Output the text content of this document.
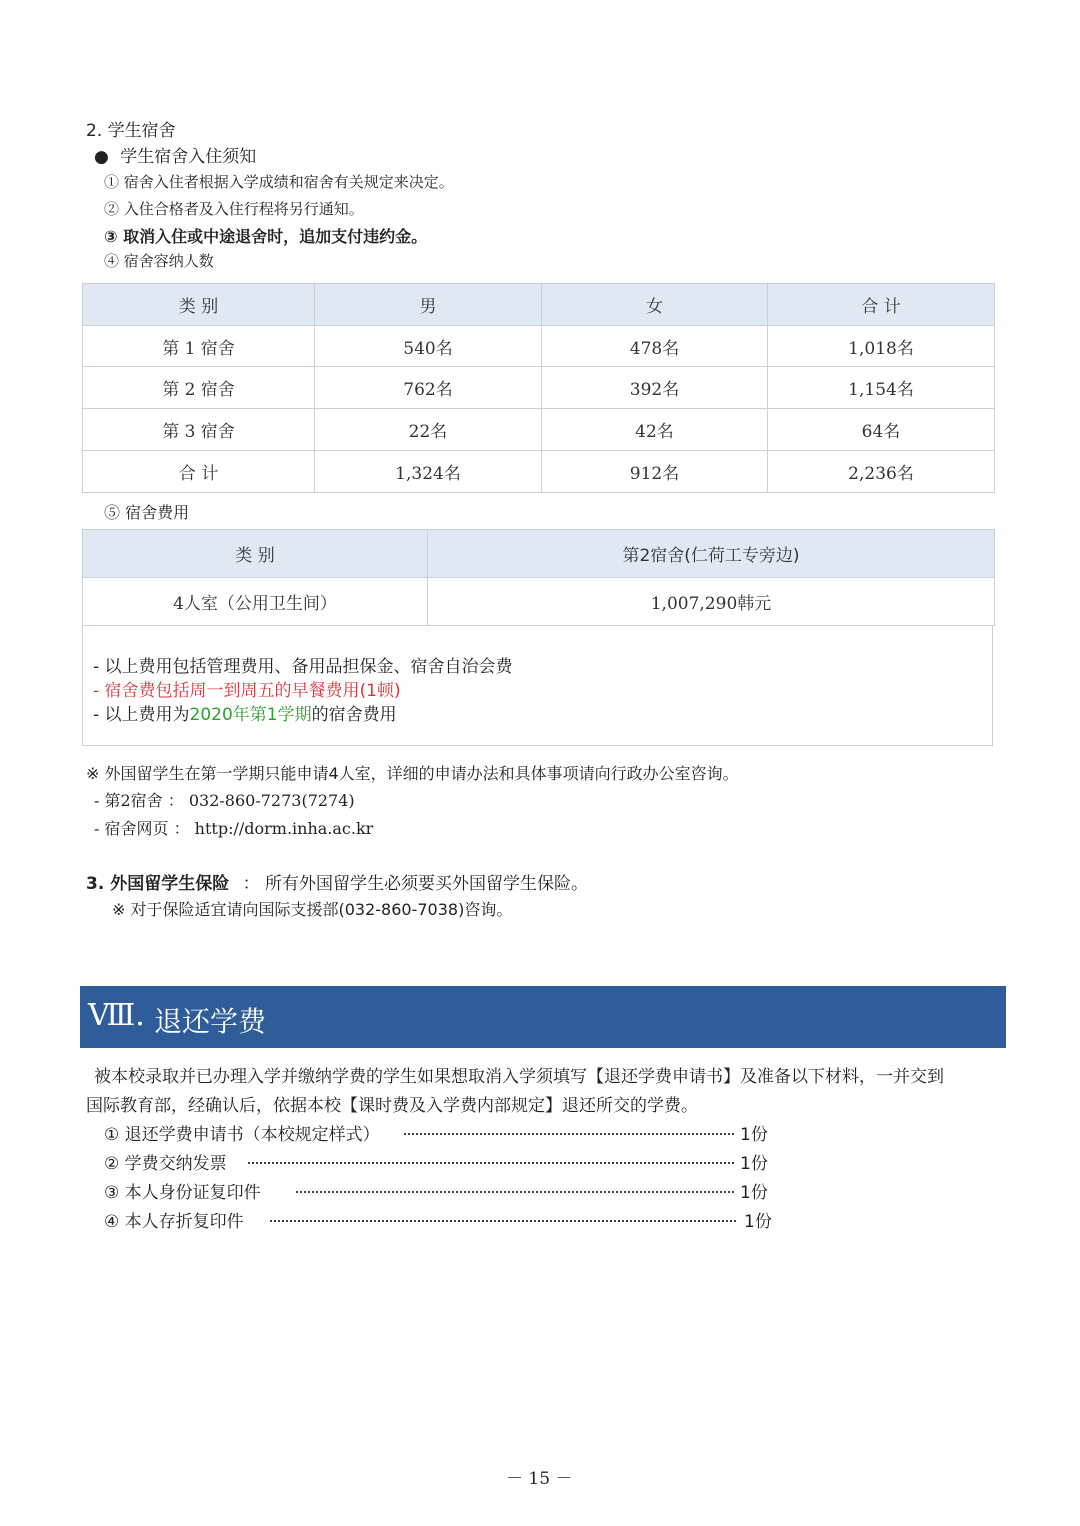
2. 学生宿舍
● 学生宿舍入住须知
① 宿舍入住者根据入学成绩和宿舍有关规定来决定。
② 入住合格者及入住行程将另行通知。
③ 取消入住或中途退舍时，追加支付违约金。
④ 宿舍容纳人数
类 别	男	女	合 计
第 1 宿舍	540名	478名	1,018名
第 2 宿舍	762名	392名	1,154名
第 3 宿舍	22名	42名	64名
合 计	1,324名	912名	2,236名
⑤ 宿舍费用
类 别	第2宿舍(仁荷工专旁边)
4人室（公用卫生间）	1,007,290韩元
- 以上费用包括管理费用、备用品担保金、宿舍自治会费
- 宿舍费包括周一到周五的早餐费用(1顿)
- 以上费用为2020年第1学期的宿舍费用
※ 外国留学生在第一学期只能申请4人室，详细的申请办法和具体事项请向行政办公室咨询。
- 第2宿舍 ： 032-860-7273(7274)
- 宿舍网页 ： http://dorm.inha.ac.kr
3. 外国留学生保险 ： 所有外国留学生必须要买外国留学生保险。
※ 对于保险适宜请向国际支援部(032-860-7038)咨询。
Ⅷ. 退还学费
被本校录取并已办理入学并缴纳学费的学生如果想取消入学须填写【退还学费申请书】及准备以下材料，一并交到
国际教育部，经确认后，依据本校【课时费及入学费内部规定】退还所交的学费。
① 退还学费申请书（本校规定样式）	1份
② 学费交纳发票	1份
③ 本人身份证复印件	1份
④ 本人存折复印件	1份
－ 15 －
